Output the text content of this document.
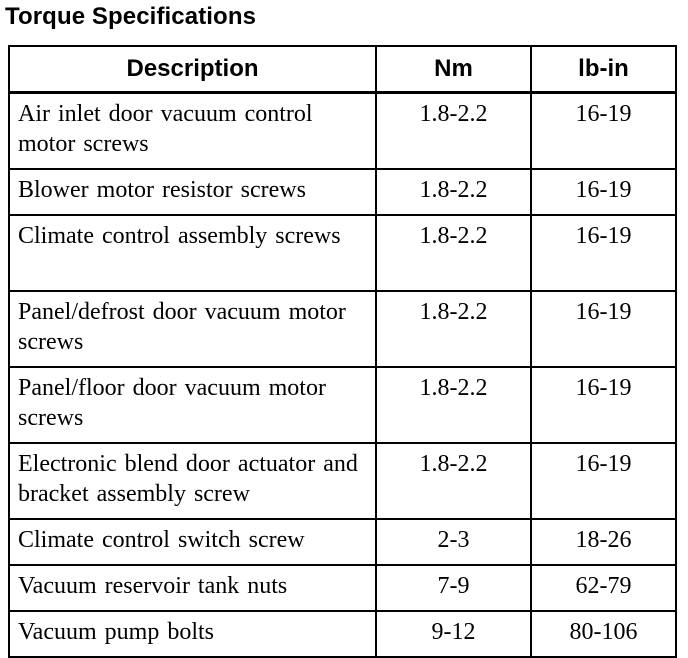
Torque Specifications
Description	Nm	lb-in
Air inlet door vacuum control motor screws	1.8-2.2	16-19
Blower motor resistor screws	1.8-2.2	16-19
Climate control assembly screws	1.8-2.2	16-19
Panel/defrost door vacuum motor screws	1.8-2.2	16-19
Panel/floor door vacuum motor screws	1.8-2.2	16-19
Electronic blend door actuator and bracket assembly screw	1.8-2.2	16-19
Climate control switch screw	2-3	18-26
Vacuum reservoir tank nuts	7-9	62-79
Vacuum pump bolts	9-12	80-106
